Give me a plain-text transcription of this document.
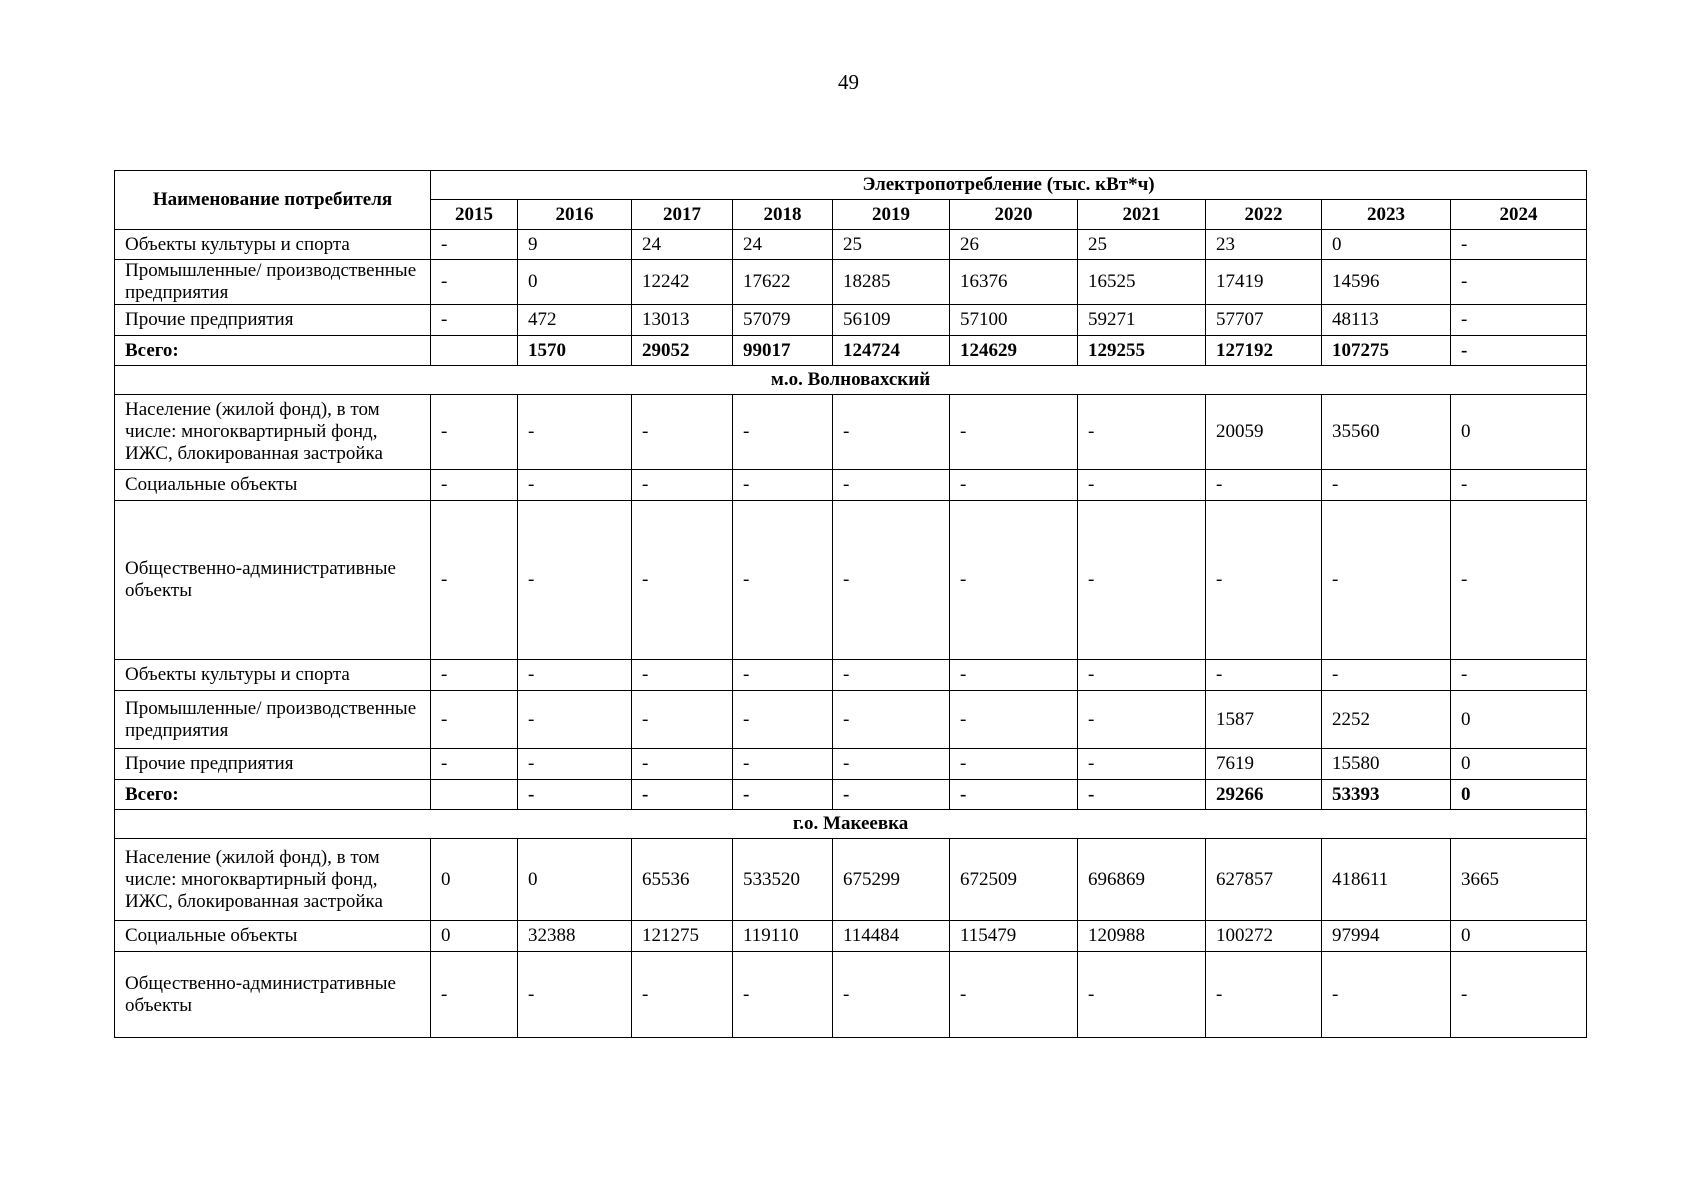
49
Наименование потребителя	Электропотребление (тыс. кВт*ч)									
	2015	2016	2017	2018	2019	2020	2021	2022	2023	2024
Объекты культуры и спорта	-	9	24	24	25	26	25	23	0	-
Промышленные/ производственные предприятия	-	0	12242	17622	18285	16376	16525	17419	14596	-
Прочие предприятия	-	472	13013	57079	56109	57100	59271	57707	48113	-
Всего:		1570	29052	99017	124724	124629	129255	127192	107275	-
м.о. Волновахский										
Население (жилой фонд), в том числе: многоквартирный фонд, ИЖС, блокированная застройка	-	-	-	-	-	-	-	20059	35560	0
Социальные объекты	-	-	-	-	-	-	-	-	-	-
Общественно-административные объекты	-	-	-	-	-	-	-	-	-	-
Объекты культуры и спорта	-	-	-	-	-	-	-	-	-	-
Промышленные/ производственные предприятия	-	-	-	-	-	-	-	1587	2252	0
Прочие предприятия	-	-	-	-	-	-	-	7619	15580	0
Всего:		-	-	-	-	-	-	29266	53393	0
г.о. Макеевка										
Население (жилой фонд), в том числе: многоквартирный фонд, ИЖС, блокированная застройка	0	0	65536	533520	675299	672509	696869	627857	418611	3665
Социальные объекты	0	32388	121275	119110	114484	115479	120988	100272	97994	0
Общественно-административные объекты	-	-	-	-	-	-	-	-	-	-
